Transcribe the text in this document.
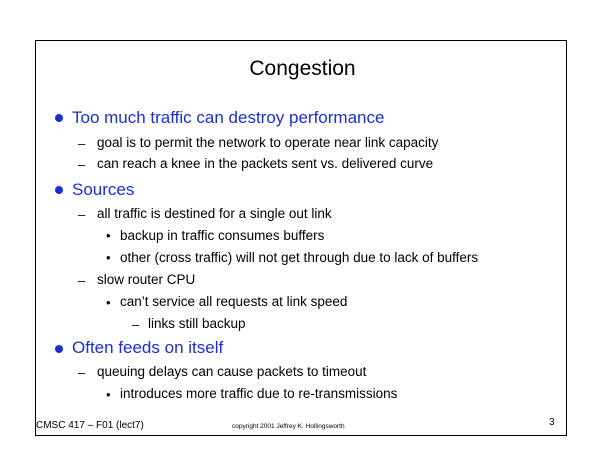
Congestion
Too much traffic can destroy performance
– goal is to permit the network to operate near link capacity
– can reach a knee in the packets sent vs. delivered curve
Sources
– all traffic is destined for a single out link
• backup in traffic consumes buffers
• other (cross traffic) will not get through due to lack of buffers
– slow router CPU
• can’t service all requests at link speed
– links still backup
Often feeds on itself
– queuing delays can cause packets to timeout
• introduces more traffic due to re-transmissions
CMSC 417 – F01 (lect7)	copyright 2001 Jeffrey K. Hollingsworth	3
